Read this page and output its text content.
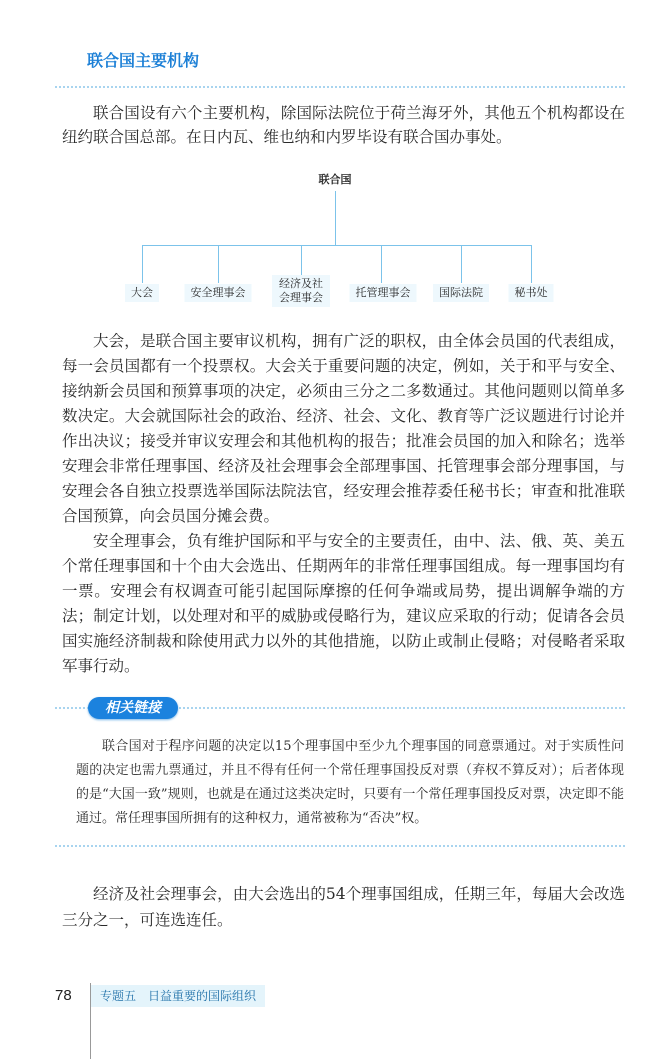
联合国主要机构

联合国设有六个主要机构，除国际法院位于荷兰海牙外，其他五个机构都设在纽约联合国总部。在日内瓦、维也纳和内罗毕设有联合国办事处。

联合国
大会	安全理事会
经济及社会理事会	托管理事会	国际法院	秘书处

大会，是联合国主要审议机构，拥有广泛的职权，由全体会员国的代表组成，每一会员国都有一个投票权。大会关于重要问题的决定，例如，关于和平与安全、接纳新会员国和预算事项的决定，必须由三分之二多数通过。其他问题则以简单多数决定。大会就国际社会的政治、经济、社会、文化、教育等广泛议题进行讨论并作出决议；接受并审议安理会和其他机构的报告；批准会员国的加入和除名；选举安理会非常任理事国、经济及社会理事会全部理事国、托管理事会部分理事国，与安理会各自独立投票选举国际法院法官，经安理会推荐委任秘书长；审查和批准联合国预算，向会员国分摊会费。

安全理事会，负有维护国际和平与安全的主要责任，由中、法、俄、英、美五个常任理事国和十个由大会选出、任期两年的非常任理事国组成。每一理事国均有一票。安理会有权调查可能引起国际摩擦的任何争端或局势，提出调解争端的方法；制定计划，以处理对和平的威胁或侵略行为，建议应采取的行动；促请各会员国实施经济制裁和除使用武力以外的其他措施，以防止或制止侵略；对侵略者采取军事行动。

相关链接

联合国对于程序问题的决定以15个理事国中至少九个理事国的同意票通过。对于实质性问题的决定也需九票通过，并且不得有任何一个常任理事国投反对票（弃权不算反对）；后者体现的是“大国一致”规则，也就是在通过这类决定时，只要有一个常任理事国投反对票，决定即不能通过。常任理事国所拥有的这种权力，通常被称为“否决”权。

经济及社会理事会，由大会选出的54个理事国组成，任期三年，每届大会改选三分之一，可连选连任。

78	专题五　日益重要的国际组织
